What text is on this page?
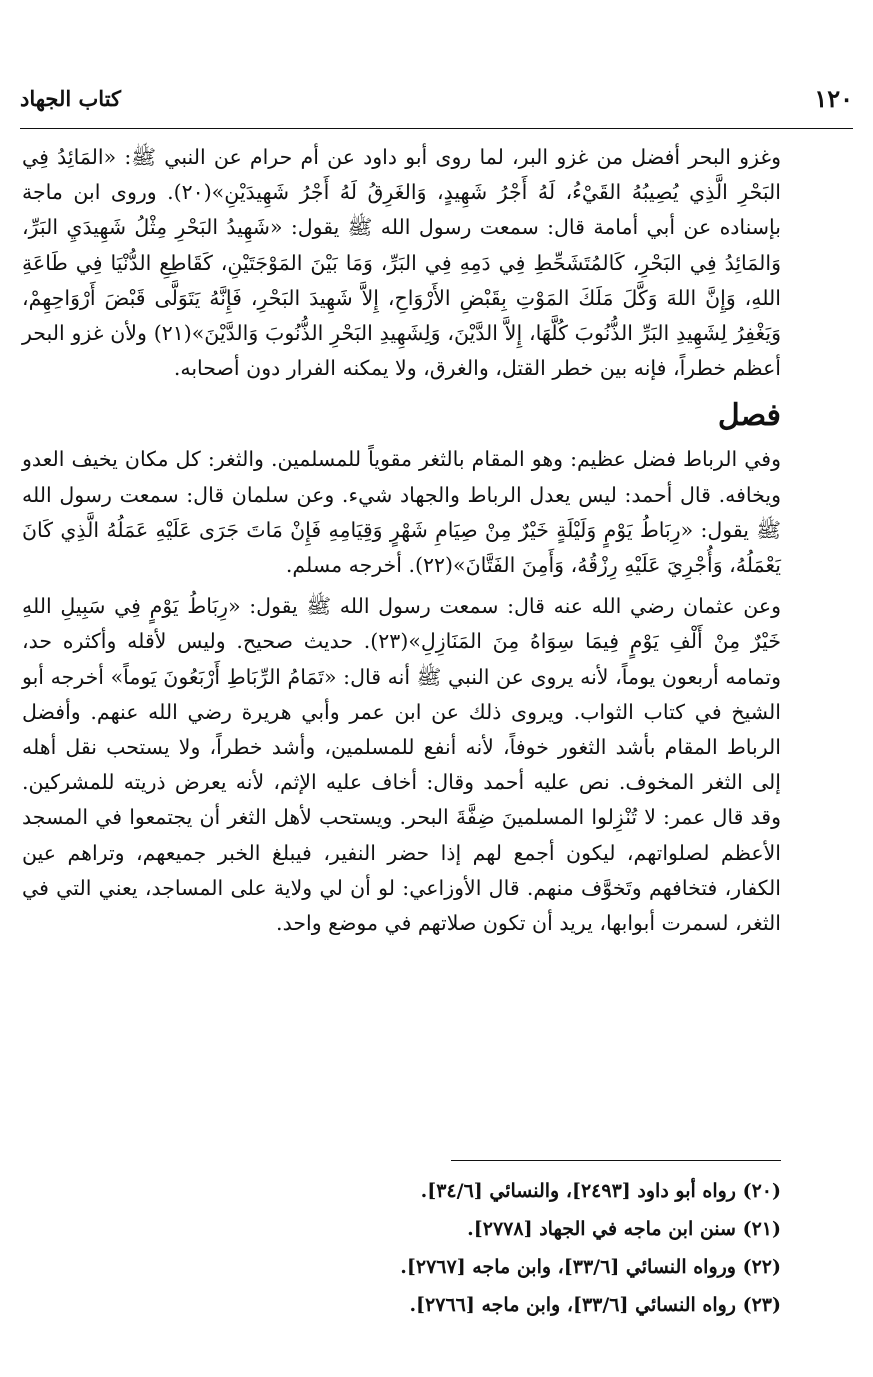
١٢٠
كتاب الجهاد

وغزو البحر أفضل من غزو البر، لما روى أبو داود عن أم حرام عن النبي ﷺ: «المَائِدُ فِي البَحْرِ الَّذِي يُصِيبُهُ القَيْءُ، لَهُ أَجْرُ شَهِيدٍ، وَالغَرِقُ لَهُ أَجْرُ شَهِيدَيْنِ»(٢٠). وروى ابن ماجة بإسناده عن أبي أمامة قال: سمعت رسول الله ﷺ يقول: «شَهِيدُ البَحْرِ مِثْلُ شَهِيدَيِ البَرِّ، وَالمَائِدُ فِي البَحْرِ، كَالمُتَشَحِّطِ فِي دَمِهِ فِي البَرِّ، وَمَا بَيْنَ المَوْجَتَيْنِ، كَقَاطِعِ الدُّنْيَا فِي طَاعَةِ اللهِ، وَإِنَّ اللهَ وَكَّلَ مَلَكَ المَوْتِ بِقَبْضِ الأَرْوَاحِ، إِلاَّ شَهِيدَ البَحْرِ، فَإِنَّهُ يَتَوَلَّى قَبْضَ أَرْوَاحِهِمْ، وَيَغْفِرُ لِشَهِيدِ البَرِّ الذُّنُوبَ كُلَّهَا، إِلاَّ الدَّيْنَ، وَلِشَهِيدِ البَحْرِ الذُّنُوبَ وَالدَّيْنَ»(٢١) ولأن غزو البحر أعظم خطراً، فإنه بين خطر القتل، والغرق، ولا يمكنه الفرار دون أصحابه.

فصل

وفي الرباط فضل عظيم: وهو المقام بالثغر مقوياً للمسلمين. والثغر: كل مكان يخيف العدو ويخافه. قال أحمد: ليس يعدل الرباط والجهاد شيء. وعن سلمان قال: سمعت رسول الله ﷺ يقول: «رِبَاطُ يَوْمٍ وَلَيْلَةٍ خَيْرٌ مِنْ صِيَامِ شَهْرٍ وَقِيَامِهِ فَإِنْ مَاتَ جَرَى عَلَيْهِ عَمَلُهُ الَّذِي كَانَ يَعْمَلُهُ، وَأُجْرِيَ عَلَيْهِ رِزْقُهُ، وَأَمِنَ الفَتَّانَ»(٢٢). أخرجه مسلم.

وعن عثمان رضي الله عنه قال: سمعت رسول الله ﷺ يقول: «رِبَاطُ يَوْمٍ فِي سَبِيلِ اللهِ خَيْرٌ مِنْ أَلْفِ يَوْمٍ فِيمَا سِوَاهُ مِنَ المَنَازِلِ»(٢٣). حديث صحيح. وليس لأقله وأكثره حد، وتمامه أربعون يوماً، لأنه يروى عن النبي ﷺ أنه قال: «تَمَامُ الرِّبَاطِ أَرْبَعُونَ يَوماً» أخرجه أبو الشيخ في كتاب الثواب. ويروى ذلك عن ابن عمر وأبي هريرة رضي الله عنهم. وأفضل الرباط المقام بأشد الثغور خوفاً، لأنه أنفع للمسلمين، وأشد خطراً، ولا يستحب نقل أهله إلى الثغر المخوف. نص عليه أحمد وقال: أخاف عليه الإثم، لأنه يعرض ذريته للمشركين. وقد قال عمر: لا تُنْزِلوا المسلمينَ ضِفَّةَ البحر. ويستحب لأهل الثغر أن يجتمعوا في المسجد الأعظم لصلواتهم، ليكون أجمع لهم إذا حضر النفير، فيبلغ الخبر جميعهم، وتراهم عين الكفار، فتخافهم وتَخوَّف منهم. قال الأوزاعي: لو أن لي ولاية على المساجد، يعني التي في الثغر، لسمرت أبوابها، يريد أن تكون صلاتهم في موضع واحد.

(٢٠) رواه أبو داود [٢٤٩٣]، والنسائي [٣٤/٦].

(٢١) سنن ابن ماجه في الجهاد [٢٧٧٨].

(٢٢) ورواه النسائي [٣٣/٦]، وابن ماجه [٢٧٦٧].

(٢٣) رواه النسائي [٣٣/٦]، وابن ماجه [٢٧٦٦].
